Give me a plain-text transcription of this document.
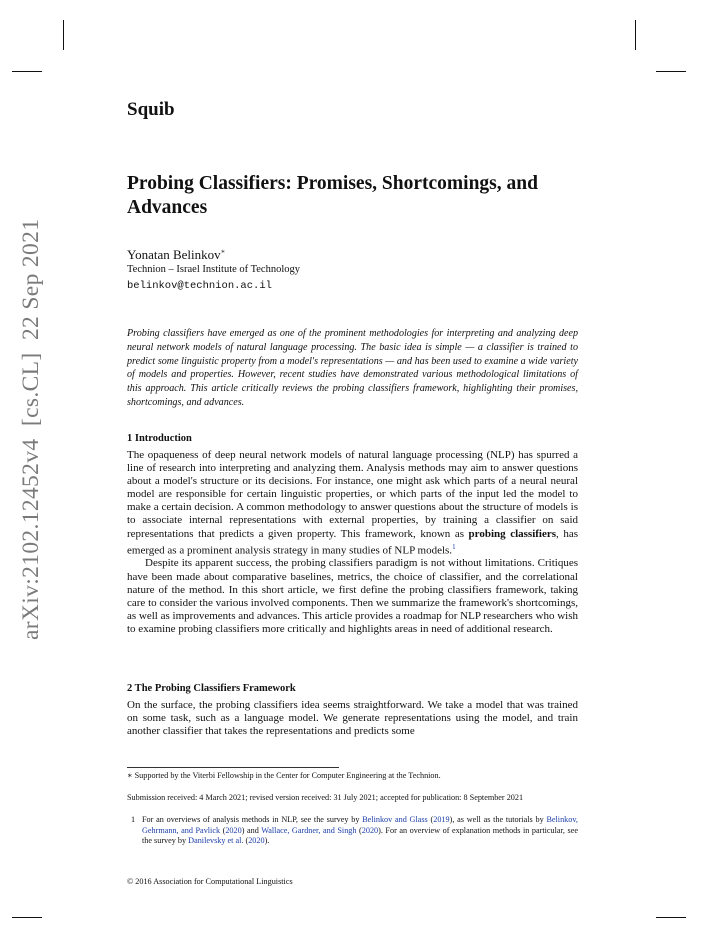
arXiv:2102.12452v4  [cs.CL]  22 Sep 2021
Squib
Probing Classifiers: Promises, Shortcomings, and Advances
Yonatan Belinkov∗
Technion – Israel Institute of Technology
belinkov@technion.ac.il
Probing classifiers have emerged as one of the prominent methodologies for interpreting and analyzing deep neural network models of natural language processing. The basic idea is simple — a classifier is trained to predict some linguistic property from a model's representations — and has been used to examine a wide variety of models and properties. However, recent studies have demonstrated various methodological limitations of this approach. This article critically reviews the probing classifiers framework, highlighting their promises, shortcomings, and advances.
1 Introduction

The opaqueness of deep neural network models of natural language processing (NLP) has spurred a line of research into interpreting and analyzing them. Analysis methods may aim to answer questions about a model's structure or its decisions. For instance, one might ask which parts of a neural neural model are responsible for certain linguistic properties, or which parts of the input led the model to make a certain decision. A common methodology to answer questions about the structure of models is to associate internal representations with external properties, by training a classifier on said representations that predicts a given property. This framework, known as probing classifiers, has emerged as a prominent analysis strategy in many studies of NLP models.$^1$

Despite its apparent success, the probing classifiers paradigm is not without limitations. Critiques have been made about comparative baselines, metrics, the choice of classifier, and the correlational nature of the method. In this short article, we first define the probing classifiers framework, taking care to consider the various involved components. Then we summarize the framework's shortcomings, as well as improvements and advances. This article provides a roadmap for NLP researchers who wish to examine probing classifiers more critically and highlights areas in need of additional research.

2 The Probing Classifiers Framework
On the surface, the probing classifiers idea seems straightforward. We take a model that was trained on some task, such as a language model. We generate representations using the model, and train another classifier that takes the representations and predicts some
∗ Supported by the Viterbi Fellowship in the Center for Computer Engineering at the Technion.
Submission received: 4 March 2021; revised version received: 31 July 2021; accepted for publication: 8 September 2021
1 For an overviews of analysis methods in NLP, see the survey by Belinkov and Glass (2019), as well as the tutorials by Belinkov, Gehrmann, and Pavlick (2020) and Wallace, Gardner, and Singh (2020). For an overview of explanation methods in particular, see the survey by Danilevsky et al. (2020).
© 2016 Association for Computational Linguistics
